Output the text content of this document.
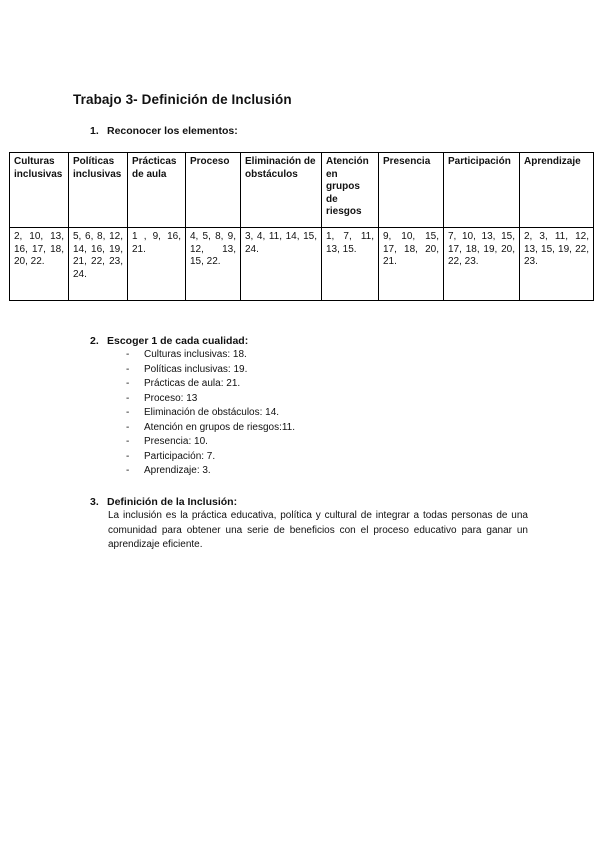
Trabajo 3- Definición de Inclusión
1. Reconocer los elementos:
Culturas inclusivas	Políticas inclusivas	Prácticas de aula	Proceso	Eliminación de obstáculos	Atención en grupos de riesgos	Presencia	Participación	Aprendizaje
2, 10, 13, 16, 17, 18, 20, 22.	5, 6, 8, 12, 14, 16, 19, 21, 22, 23, 24.	1 , 9, 16, 21.	4, 5, 8, 9, 12, 13, 15, 22.	3, 4, 11, 14, 15, 24.	1, 7, 11, 13, 15.	9, 10, 15, 17, 18, 20, 21.	7, 10, 13, 15, 17, 18, 19, 20, 22, 23.	2, 3, 11, 12, 13, 15, 19, 22, 23.
2. Escoger 1 de cada cualidad:
- Culturas inclusivas: 18.
- Políticas inclusivas: 19.
- Prácticas de aula: 21.
- Proceso: 13
- Eliminación de obstáculos: 14.
- Atención en grupos de riesgos:11.
- Presencia: 10.
- Participación: 7.
- Aprendizaje: 3.
3. Definición de la Inclusión:
La inclusión es la práctica educativa, política y cultural de integrar a todas personas de una comunidad para obtener una serie de beneficios con el proceso educativo para ganar un aprendizaje eficiente.
